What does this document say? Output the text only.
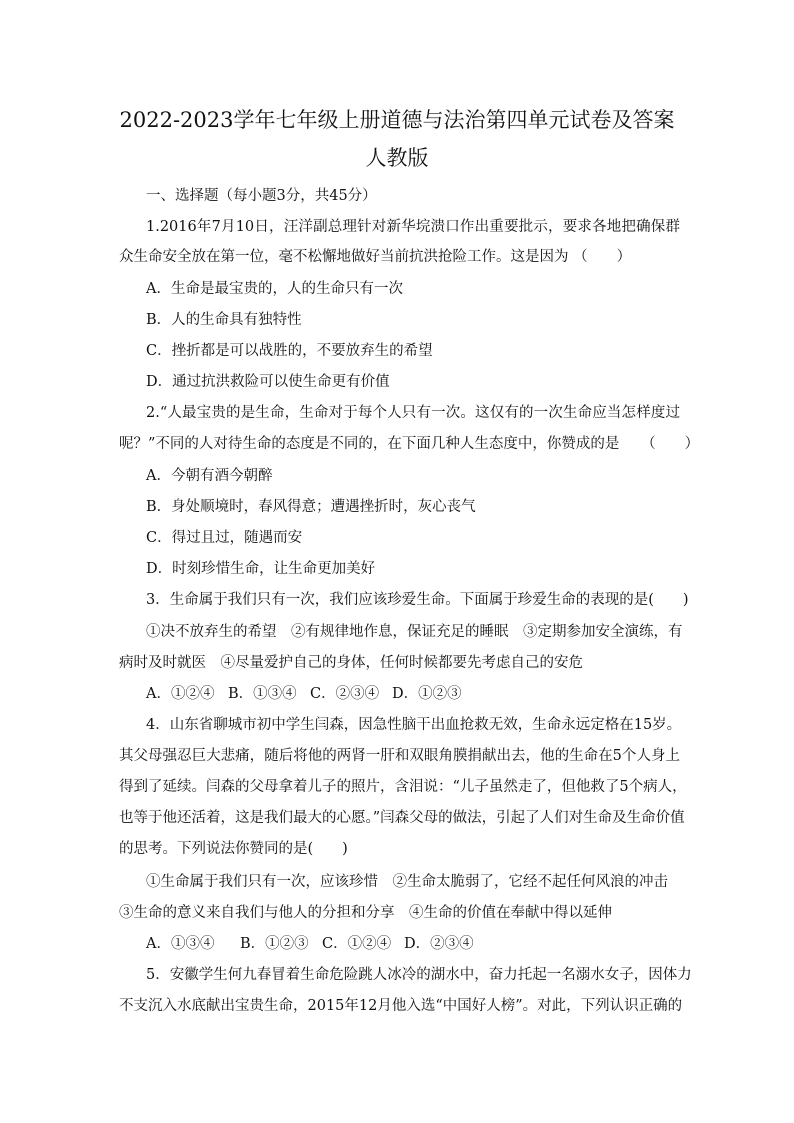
2022-2023学年七年级上册道德与法治第四单元试卷及答案
人教版
一、选择题（每小题3分，共45分）
1.2016年7月10日，汪洋副总理针对新华垸溃口作出重要批示，要求各地把确保群
众生命安全放在第一位，毫不松懈地做好当前抗洪抢险工作。这是因为 （　　）
A．生命是最宝贵的，人的生命只有一次
B．人的生命具有独特性
C．挫折都是可以战胜的，不要放弃生的希望
D．通过抗洪救险可以使生命更有价值
2.“人最宝贵的是生命，生命对于每个人只有一次。这仅有的一次生命应当怎样度过
呢？”不同的人对待生命的态度是不同的，在下面几种人生态度中，你赞成的是　　（　　）
A．今朝有酒今朝醉
B．身处顺境时，春风得意；遭遇挫折时，灰心丧气
C．得过且过，随遇而安
D．时刻珍惜生命，让生命更加美好
3．生命属于我们只有一次，我们应该珍爱生命。下面属于珍爱生命的表现的是(　　)
①决不放弃生的希望　②有规律地作息，保证充足的睡眠　③定期参加安全演练，有
病时及时就医　④尽量爱护自己的身体，任何时候都要先考虑自己的安危
A．①②④ B．①③④ C．②③④ D．①②③
4．山东省聊城市初中学生闫森，因急性脑干出血抢救无效，生命永远定格在15岁。
其父母强忍巨大悲痛，随后将他的两肾一肝和双眼角膜捐献出去，他的生命在5个人身上
得到了延续。闫森的父母拿着儿子的照片，含泪说：“儿子虽然走了，但他救了5个病人，
也等于他还活着，这是我们最大的心愿。”闫森父母的做法，引起了人们对生命及生命价值
的思考。下列说法你赞同的是(　　)
①生命属于我们只有一次，应该珍惜　②生命太脆弱了，它经不起任何风浪的冲击
③生命的意义来自我们与他人的分担和分享　④生命的价值在奉献中得以延伸
A．①③④ B．①②③ C．①②④ D．②③④
5．安徽学生何九春冒着生命危险跳人冰冷的湖水中，奋力托起一名溺水女子，因体力
不支沉入水底献出宝贵生命，2015年12月他入选“中国好人榜”。对此，下列认识正确的
